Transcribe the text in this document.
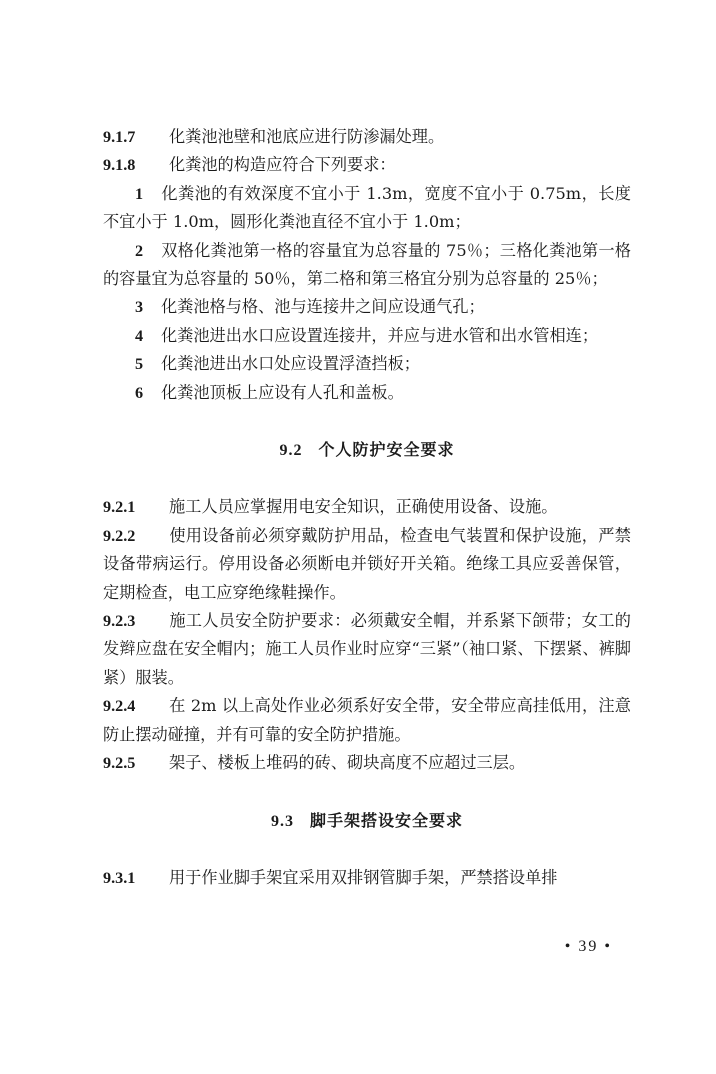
9.1.7 化粪池池壁和池底应进行防渗漏处理。

9.1.8 化粪池的构造应符合下列要求：

1 化粪池的有效深度不宜小于 1.3m，宽度不宜小于 0.75m，长度不宜小于 1.0m，圆形化粪池直径不宜小于 1.0m；

2 双格化粪池第一格的容量宜为总容量的 75％；三格化粪池第一格的容量宜为总容量的 50％，第二格和第三格宜分别为总容量的 25％；

3 化粪池格与格、池与连接井之间应设通气孔；

4 化粪池进出水口应设置连接井，并应与进水管和出水管相连；

5 化粪池进出水口处应设置浮渣挡板；

6 化粪池顶板上应设有人孔和盖板。

9.2 个人防护安全要求

9.2.1 施工人员应掌握用电安全知识，正确使用设备、设施。

9.2.2 使用设备前必须穿戴防护用品，检查电气装置和保护设施，严禁设备带病运行。停用设备必须断电并锁好开关箱。绝缘工具应妥善保管，定期检查，电工应穿绝缘鞋操作。

9.2.3 施工人员安全防护要求：必须戴安全帽，并系紧下颌带；女工的发辫应盘在安全帽内；施工人员作业时应穿“三紧”（袖口紧、下摆紧、裤脚紧）服装。

9.2.4 在 2m 以上高处作业必须系好安全带，安全带应高挂低用，注意防止摆动碰撞，并有可靠的安全防护措施。

9.2.5 架子、楼板上堆码的砖、砌块高度不应超过三层。

9.3 脚手架搭设安全要求

9.3.1 用于作业脚手架宜采用双排钢管脚手架，严禁搭设单排

• 39 •
